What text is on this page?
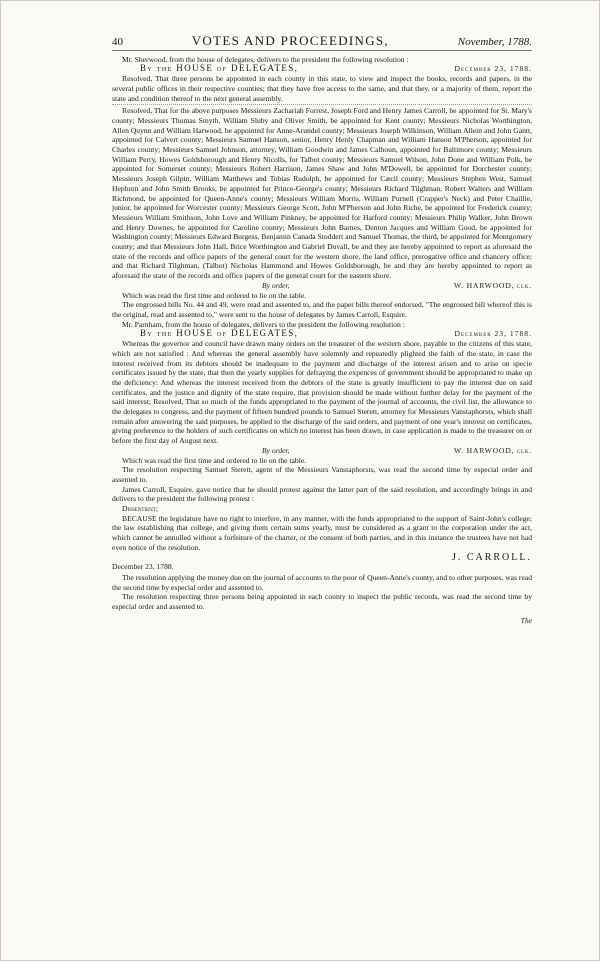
40	VOTES AND PROCEEDINGS,	November, 1788.

Mr. Sherwood, from the house of delegates, delivers to the president the following resolution :

By the HOUSE of DELEGATES,	December 23, 1788.

Resolved, That three persons be appointed in each county in this state, to view and inspect the books, records and papers, in the several public offices in their respective counties; that they have free access to the same, and that they, or a majority of them, report the state and condition thereof to the next general assembly.

Resolved, That for the above purposes Messieurs Zachariah Forrest, Joseph Ford and Henry James Carroll, be appointed for St. Mary's county; Messieurs Thomas Smyth, William Sluby and Oliver Smith, be appointed for Kent county; Messieurs Nicholas Worthington, Allen Quynn and William Harwood, be appointed for Anne-Arundel county; Messieurs Joseph Wilkinson, William Allein and John Gantt, appointed for Calvert county; Messieurs Samuel Hanson, senior, Henry Henly Chapman and William Hanson M'Pherson, appointed for Charles county; Messieurs Samuel Johnson, attorney, William Goodwin and James Calhoun, appointed for Baltimore county; Messieurs William Perry, Howes Goldsborough and Henry Nicolls, for Talbot county; Messieurs Samuel Wilson, John Done and William Polk, be appointed for Somerset county; Messieurs Robert Harrison, James Shaw and John M'Dowell, be appointed for Dorchester county; Messieurs Joseph Gilpin, William Matthews and Tobias Rudolph, be appointed for Cæcil county; Messieurs Stephen West, Samuel Hepburn and John Smith Brooks, be appointed for Prince-George's county; Messieurs Richard Tilghman, Robert Walters and William Richmond, be appointed for Queen-Anne's county; Messieurs William Morris, William Purnell (Crapper's Neck) and Peter Chaillie, junior, be appointed for Worcester county; Messieurs George Scott, John M'Pherson and John Riche, be appointed for Frederick county; Messieurs William Smithson, John Love and William Pinkney, be appointed for Harford county; Messieurs Philip Walker, John Brown and Henry Downes, be appointed for Caroline county; Messieurs John Barnes, Denton Jacques and William Good, be appointed for Washington county; Messieurs Edward Burgess, Benjamin Canada Stoddert and Samuel Thomas, the third, be appointed for Montgomery county; and that Messieurs John Hall, Brice Worthington and Gabriel Duvall, be and they are hereby appointed to report as aforesaid the state of the records and office papers of the general court for the western shore, the land office, prerogative office and chancery office; and that Richard Tilghman, (Talbot) Nicholas Hammond and Howes Goldsborough, be and they are hereby appointed to report as aforesaid the state of the records and office papers of the general court for the eastern shore.

By order,	W. HARWOOD, clk.

Which was read the first time and ordered to lie on the table.

The engrossed bills No. 44 and 49, were read and assented to, and the paper bills thereof endorsed, "The engrossed bill whereof this is the original, read and assented to," were sent to the house of delegates by James Carroll, Esquire.

Mr. Parnham, from the house of delegates, delivers to the president the following resolution :

By the HOUSE of DELEGATES,	December 23, 1788.

Whereas the governor and council have drawn many orders on the treasurer of the western shore, payable to the citizens of this state, which are not satisfied : And whereas the general assembly have solemnly and repeatedly plighted the faith of the state, in case the interest received from its debtors should be inadequate to the payment and discharge of the interest arisen and to arise on specie certificates issued by the state, that then the yearly supplies for defraying the expences of government should be appropriated to make up the deficiency: And whereas the interest received from the debtors of the state is greatly insufficient to pay the interest due on said certificates, and the justice and dignity of the state require, that provision should be made without further delay for the payment of the said interest; Resolved, That so much of the funds appropriated to the payment of the journal of accounts, the civil list, the allowance to the delegates to congress, and the payment of fifteen hundred pounds to Samuel Sterett, attorney for Messieurs Vanstaphorsts, which shall remain after answering the said purposes, be applied to the discharge of the said orders, and payment of one year's interest on certificates, giving preference to the holders of such certificates on which no interest has been drawn, in case application is made to the treasurer on or before the first day of August next.

By order,	W. HARWOOD, clk.

Which was read the first time and ordered to lie on the table.

The resolution respecting Samuel Sterett, agent of the Messieurs Vanstaphorsts, was read the second time by especial order and assented to.

James Carroll, Esquire, gave notice that he should protest against the latter part of the said resolution, and accordingly brings in and delivers to the president the following protest :

Dissentient;

BECAUSE the legislature have no right to interfere, in any manner, with the funds appropriated to the support of Saint-John's college; the law establishing that college, and giving them certain sums yearly, must be considered as a grant to the corporation under the act, which cannot be annulled without a forfeiture of the charter, or the consent of both parties, and in this instance the trustees have not had even notice of the resolution.

J. CARROLL.

December 23, 1788.

The resolution applying the money due on the journal of accounts to the poor of Queen-Anne's county, and to other purposes, was read the second time by especial order and assented to.

The resolution respecting three persons being appointed in each county to inspect the public records, was read the second time by especial order and assented to.

The
